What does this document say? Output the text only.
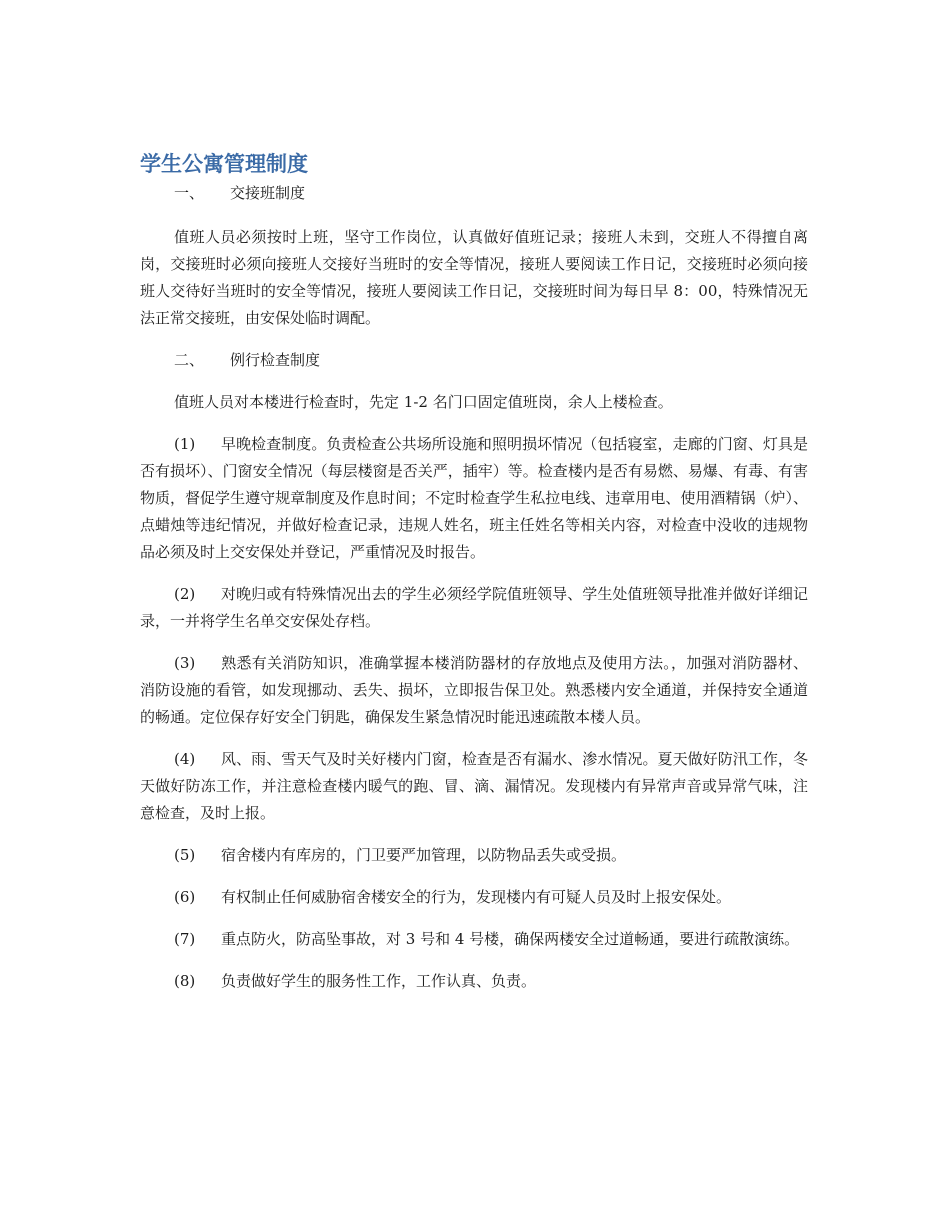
学生公寓管理制度

一、 交接班制度

值班人员必须按时上班，坚守工作岗位，认真做好值班记录；接班人未到，交班人不得擅自离岗，交接班时必须向接班人交接好当班时的安全等情况，接班人要阅读工作日记，交接班时必须向接班人交待好当班时的安全等情况，接班人要阅读工作日记，交接班时间为每日早 8：00，特殊情况无法正常交接班，由安保处临时调配。

二、 例行检查制度

值班人员对本楼进行检查时，先定 1-2 名门口固定值班岗，余人上楼检查。

(1) 早晚检查制度。负责检查公共场所设施和照明损坏情况（包括寝室，走廊的门窗、灯具是否有损坏）、门窗安全情况（每层楼窗是否关严，插牢）等。检查楼内是否有易燃、易爆、有毒、有害物质，督促学生遵守规章制度及作息时间；不定时检查学生私拉电线、违章用电、使用酒精锅（炉）、点蜡烛等违纪情况，并做好检查记录，违规人姓名，班主任姓名等相关内容，对检查中没收的违规物品必须及时上交安保处并登记，严重情况及时报告。

(2) 对晚归或有特殊情况出去的学生必须经学院值班领导、学生处值班领导批准并做好详细记录，一并将学生名单交安保处存档。

(3) 熟悉有关消防知识，准确掌握本楼消防器材的存放地点及使用方法。，加强对消防器材、消防设施的看管，如发现挪动、丢失、损坏，立即报告保卫处。熟悉楼内安全通道，并保持安全通道的畅通。定位保存好安全门钥匙，确保发生紧急情况时能迅速疏散本楼人员。

(4) 风、雨、雪天气及时关好楼内门窗，检查是否有漏水、渗水情况。夏天做好防汛工作，冬天做好防冻工作，并注意检查楼内暖气的跑、冒、滴、漏情况。发现楼内有异常声音或异常气味，注意检查，及时上报。

(5) 宿舍楼内有库房的，门卫要严加管理，以防物品丢失或受损。

(6) 有权制止任何威胁宿舍楼安全的行为，发现楼内有可疑人员及时上报安保处。

(7) 重点防火，防高坠事故，对 3 号和 4 号楼，确保两楼安全过道畅通，要进行疏散演练。

(8) 负责做好学生的服务性工作，工作认真、负责。
